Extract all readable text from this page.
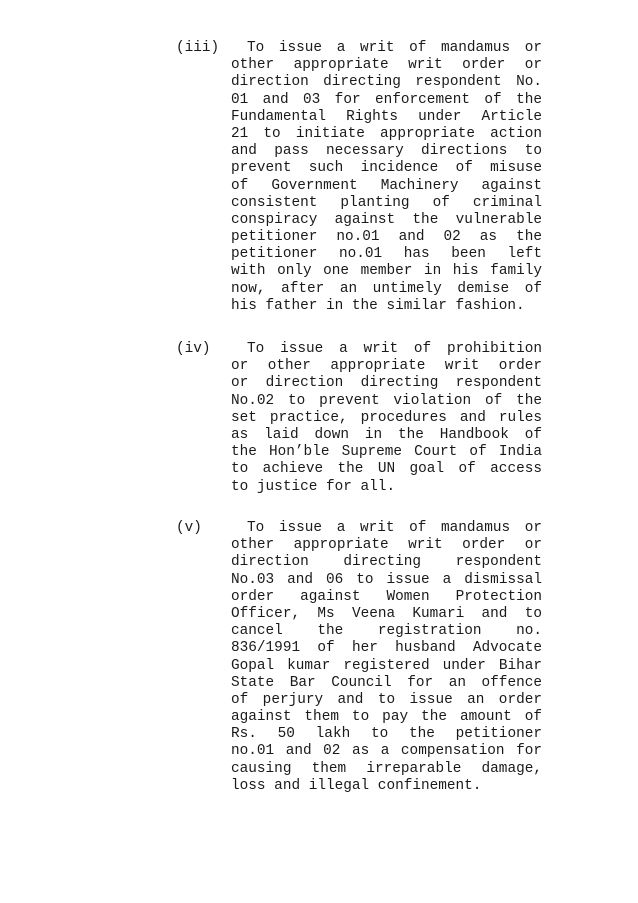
(iii)	To issue a writ of mandamus or
other appropriate writ order or
direction directing respondent No.
01 and 03 for enforcement of the
Fundamental Rights under Article
21 to initiate appropriate action
and pass necessary directions to
prevent such incidence of misuse
of Government Machinery against
consistent planting of criminal
conspiracy against the vulnerable
petitioner no.01 and 02 as the
petitioner no.01 has been left
with only one member in his family
now, after an untimely demise of
his father in the similar fashion.
(iv)	To issue a writ of prohibition
or other appropriate writ order
or direction directing respondent
No.02 to prevent violation of the
set practice, procedures and rules
as laid down in the Handbook of
the Hon’ble Supreme Court of India
to achieve the UN goal of access
to justice for all.
(v)	To issue a writ of mandamus or
other appropriate writ order or
direction directing respondent
No.03 and 06 to issue a dismissal
order against Women Protection
Officer, Ms Veena Kumari and to
cancel the registration no.
836/1991 of her husband Advocate
Gopal kumar registered under Bihar
State Bar Council for an offence
of perjury and to issue an order
against them to pay the amount of
Rs. 50 lakh to the petitioner
no.01 and 02 as a compensation for
causing them irreparable damage,
loss and illegal confinement.
